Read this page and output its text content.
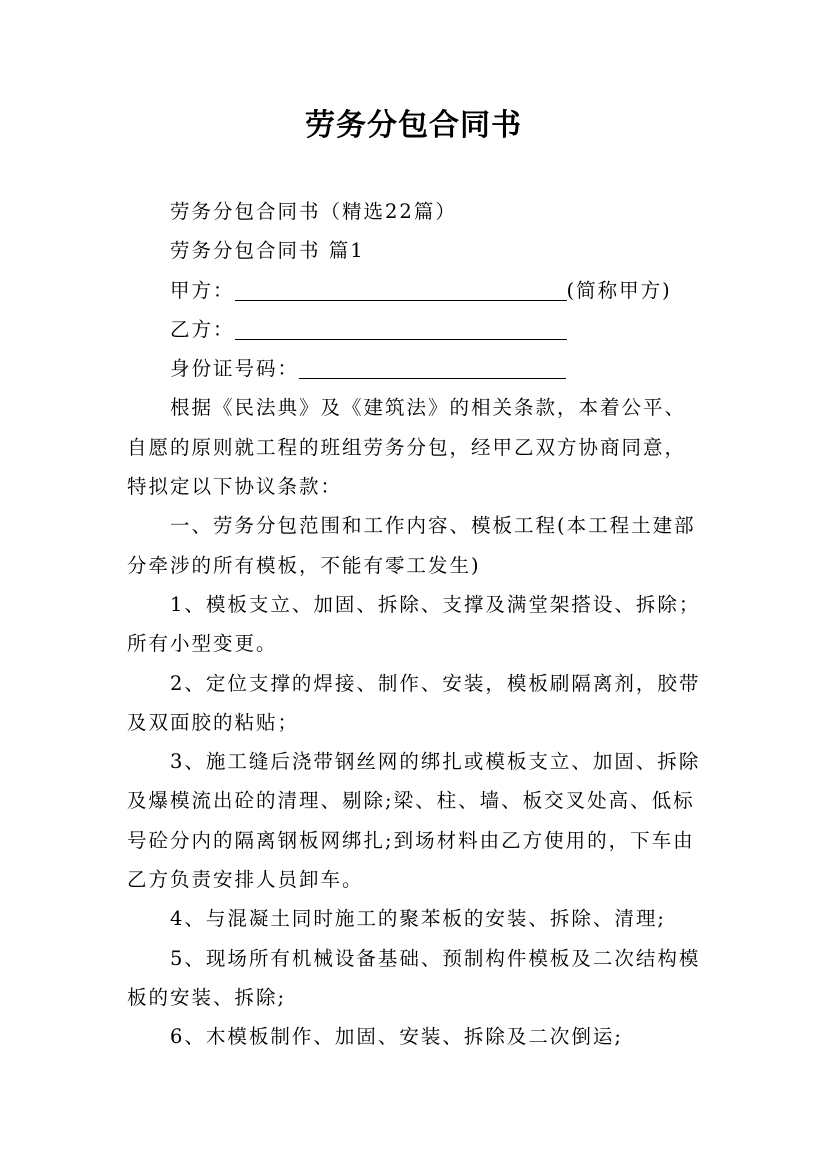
劳务分包合同书

劳务分包合同书（精选22篇）

劳务分包合同书 篇1

甲方：	(简称甲方)

乙方：

身份证号码：

根据《民法典》及《建筑法》的相关条款，本着公平、自愿的原则就工程的班组劳务分包，经甲乙双方协商同意，特拟定以下协议条款：

一、劳务分包范围和工作内容、模板工程(本工程土建部分牵涉的所有模板，不能有零工发生)

1、模板支立、加固、拆除、支撑及满堂架搭设、拆除；所有小型变更。

2、定位支撑的焊接、制作、安装，模板刷隔离剂，胶带及双面胶的粘贴；

3、施工缝后浇带钢丝网的绑扎或模板支立、加固、拆除及爆模流出砼的清理、剔除;梁、柱、墙、板交叉处高、低标号砼分内的隔离钢板网绑扎;到场材料由乙方使用的，下车由乙方负责安排人员卸车。

4、与混凝土同时施工的聚苯板的安装、拆除、清理;

5、现场所有机械设备基础、预制构件模板及二次结构模板的安装、拆除;

6、木模板制作、加固、安装、拆除及二次倒运;
